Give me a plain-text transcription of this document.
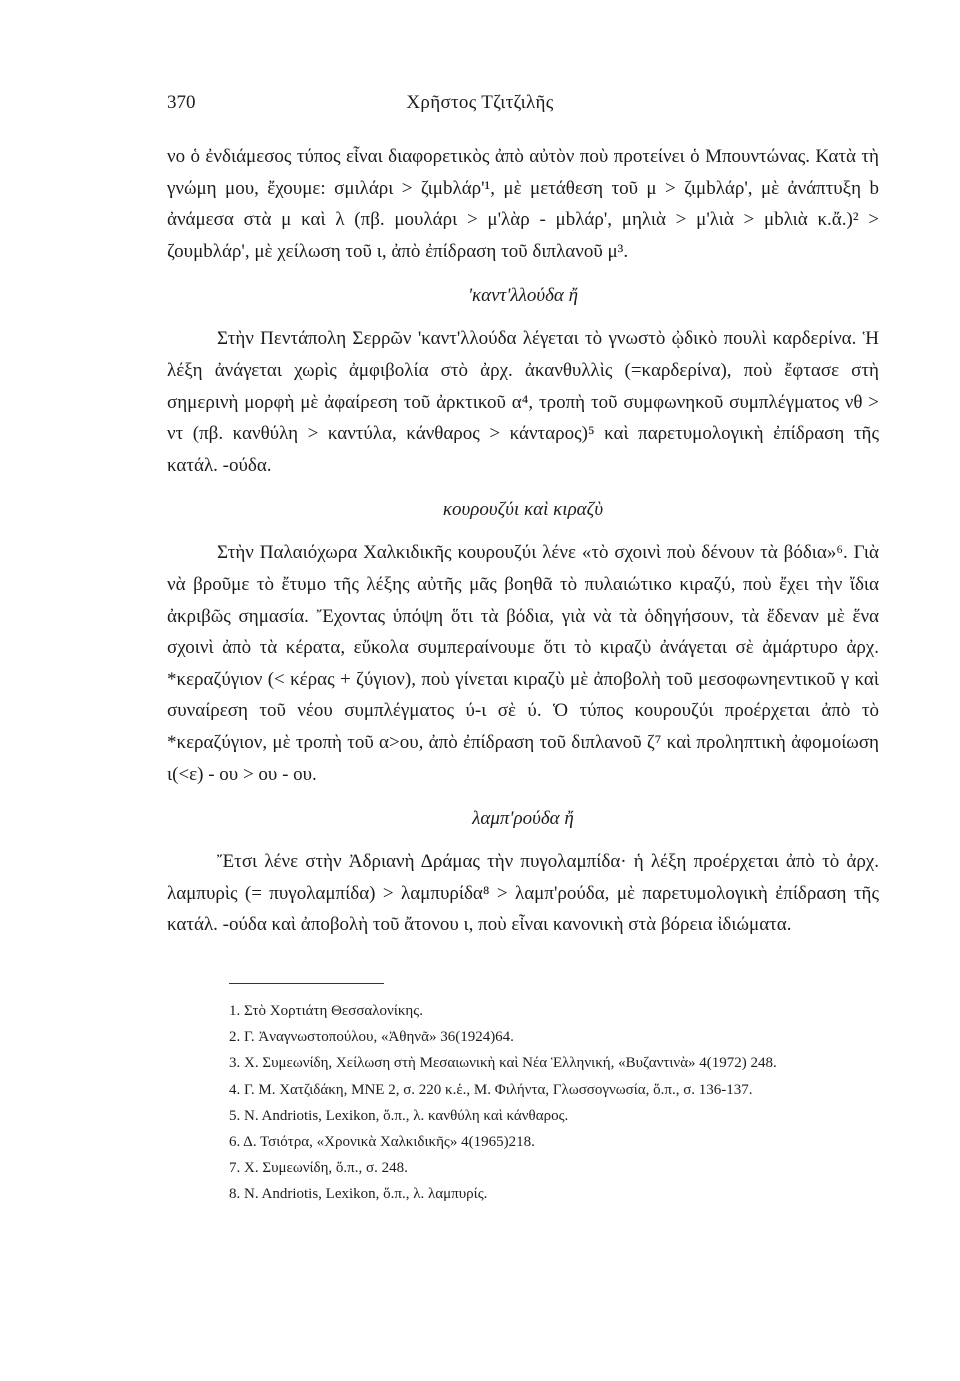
370	Χρῆστος Τζιτζιλῆς

νο ὁ ἐνδιάμεσος τύπος εἶναι διαφορετικὸς ἀπὸ αὐτὸν ποὺ προτείνει ὁ Μπουντώνας. Κατὰ τὴ γνώμη μου, ἔχουμε: σμιλάρι > ζιμbλάρ'¹, μὲ μετάθεση τοῦ μ > ζιμbλάρ', μὲ ἀνάπτυξη b ἀνάμεσα στὰ μ καὶ λ (πβ. μουλάρι > μ'λὰρ - μbλάρ', μηλιὰ > μ'λιὰ > μbλιὰ κ.ἄ.)² > ζουμbλάρ', μὲ χείλωση τοῦ ι, ἀπὸ ἐπίδραση τοῦ διπλανοῦ μ³.

'καντ'λλούδα ἤ

Στὴν Πεντάπολη Σερρῶν 'καντ'λλούδα λέγεται τὸ γνωστὸ ᾠδικὸ πουλὶ καρδερίνα. Ἡ λέξη ἀνάγεται χωρὶς ἀμφιβολία στὸ ἀρχ. ἀκανθυλλὶς (=καρδερίνα), ποὺ ἔφτασε στὴ σημερινὴ μορφὴ μὲ ἀφαίρεση τοῦ ἀρκτικοῦ α⁴, τροπὴ τοῦ συμφωνηκοῦ συμπλέγματος νθ > ντ (πβ. κανθύλη > καντύλα, κάνθαρος > κάνταρος)⁵ καὶ παρετυμολογικὴ ἐπίδραση τῆς κατάλ. -ούδα.

κουρουζύι καὶ κιραζὺ

Στὴν Παλαιόχωρα Χαλκιδικῆς κουρουζύι λένε «τὸ σχοινὶ ποὺ δένουν τὰ βόδια»⁶. Γιὰ νὰ βροῦμε τὸ ἔτυμο τῆς λέξης αὐτῆς μᾶς βοηθᾶ τὸ πυλαιώτικο κιραζύ, ποὺ ἔχει τὴν ἴδια ἀκριβῶς σημασία. Ἔχοντας ὑπόψη ὅτι τὰ βόδια, γιὰ νὰ τὰ ὁδηγήσουν, τὰ ἔδεναν μὲ ἕνα σχοινὶ ἀπὸ τὰ κέρατα, εὔκολα συμπεραίνουμε ὅτι τὸ κιραζὺ ἀνάγεται σὲ ἀμάρτυρο ἀρχ. *κεραζύγιον (< κέρας + ζύγιον), ποὺ γίνεται κιραζὺ μὲ ἀποβολὴ τοῦ μεσοφωνηεντικοῦ γ καὶ συναίρεση τοῦ νέου συμπλέγματος ύ-ι σὲ ύ. Ὁ τύπος κουρουζύι προέρχεται ἀπὸ τὸ *κεραζύγιον, μὲ τροπὴ τοῦ α>ου, ἀπὸ ἐπίδραση τοῦ διπλανοῦ ζ⁷ καὶ προληπτικὴ ἀφομοίωση ι(<ε) - ου > ου - ου.

λαμπ'ρούδα ἤ

Ἔτσι λένε στὴν Ἀδριανὴ Δράμας τὴν πυγολαμπίδα· ἡ λέξη προέρχεται ἀπὸ τὸ ἀρχ. λαμπυρὶς (= πυγολαμπίδα) > λαμπυρίδα⁸ > λαμπ'ρούδα, μὲ παρετυμολογικὴ ἐπίδραση τῆς κατάλ. -ούδα καὶ ἀποβολὴ τοῦ ἄτονου ι, ποὺ εἶναι κανονικὴ στὰ βόρεια ἰδιώματα.

1. Στὸ Χορτιάτη Θεσσαλονίκης.

2. Γ. Ἀναγνωστοπούλου, «Ἀθηνᾶ» 36(1924)64.

3. Χ. Συμεωνίδη, Χείλωση στὴ Μεσαιωνικὴ καὶ Νέα Ἑλληνική, «Βυζαντινὰ» 4(1972) 248.

4. Γ. Μ. Χατζιδάκη, ΜΝΕ 2, σ. 220 κ.ἑ., Μ. Φιλήντα, Γλωσσογνωσία, ὅ.π., σ. 136-137.

5. N. Andriotis, Lexikon, ὅ.π., λ. κανθύλη καὶ κάνθαρος.

6. Δ. Τσιότρα, «Χρονικὰ Χαλκιδικῆς» 4(1965)218.

7. Χ. Συμεωνίδη, ὅ.π., σ. 248.

8. N. Andriotis, Lexikon, ὅ.π., λ. λαμπυρίς.
